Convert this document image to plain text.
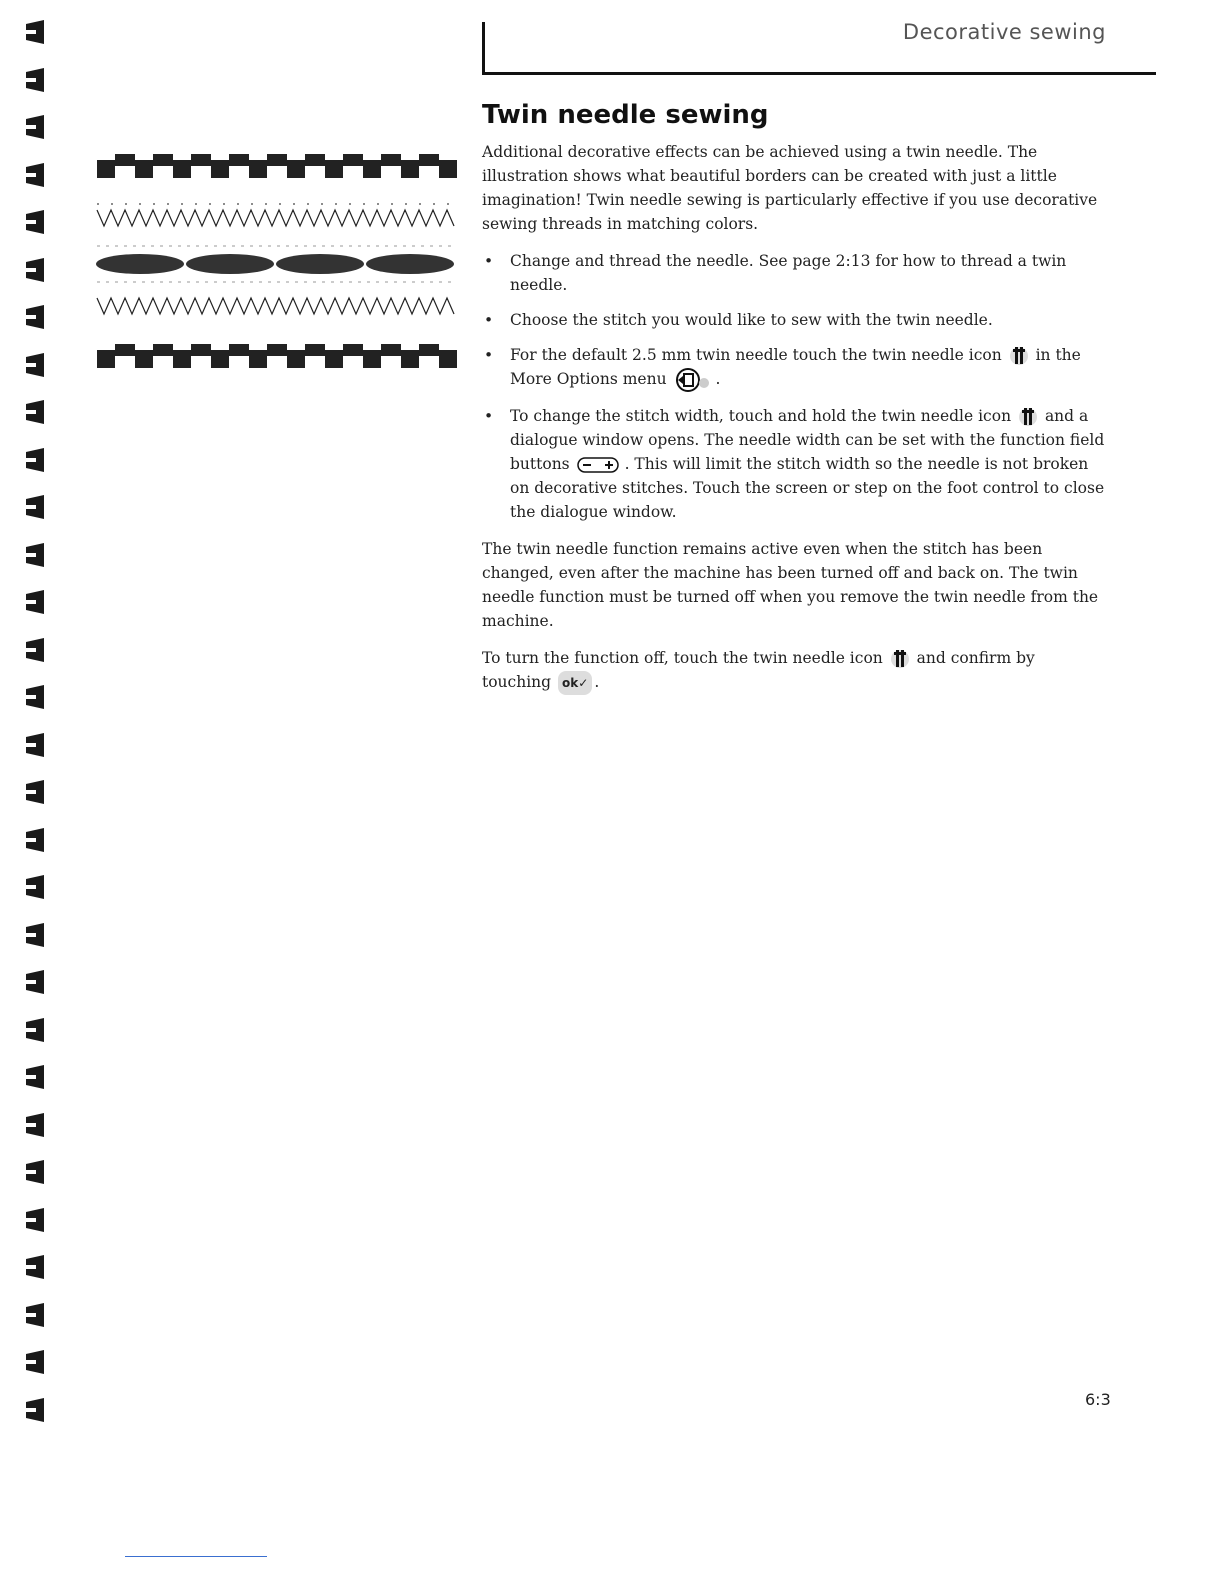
Decorative sewing
Twin needle sewing

Additional decorative effects can be achieved using a twin needle. The illustration shows what beautiful borders can be created with just a little imagination! Twin needle sewing is particularly effective if you use decorative sewing threads in matching colors.

• Change and thread the needle. See page 2:13 for how to thread a twin needle.
• Choose the stitch you would like to sew with the twin needle.
• For the default 2.5 mm twin needle touch the twin needle icon in the More Options menu	.
• To change the stitch width, touch and hold the twin needle icon and a dialogue window opens. The needle width can be set with the function field buttons	. This will limit the stitch width so the needle is not broken on decorative stitches. Touch the screen or step on the foot control to close the dialogue window.

The twin needle function remains active even when the stitch has been changed, even after the machine has been turned off and back on. The twin needle function must be turned off when you remove the twin needle from the machine.

To turn the function off, touch the twin needle icon and confirm by touching ok✓.

6:3
